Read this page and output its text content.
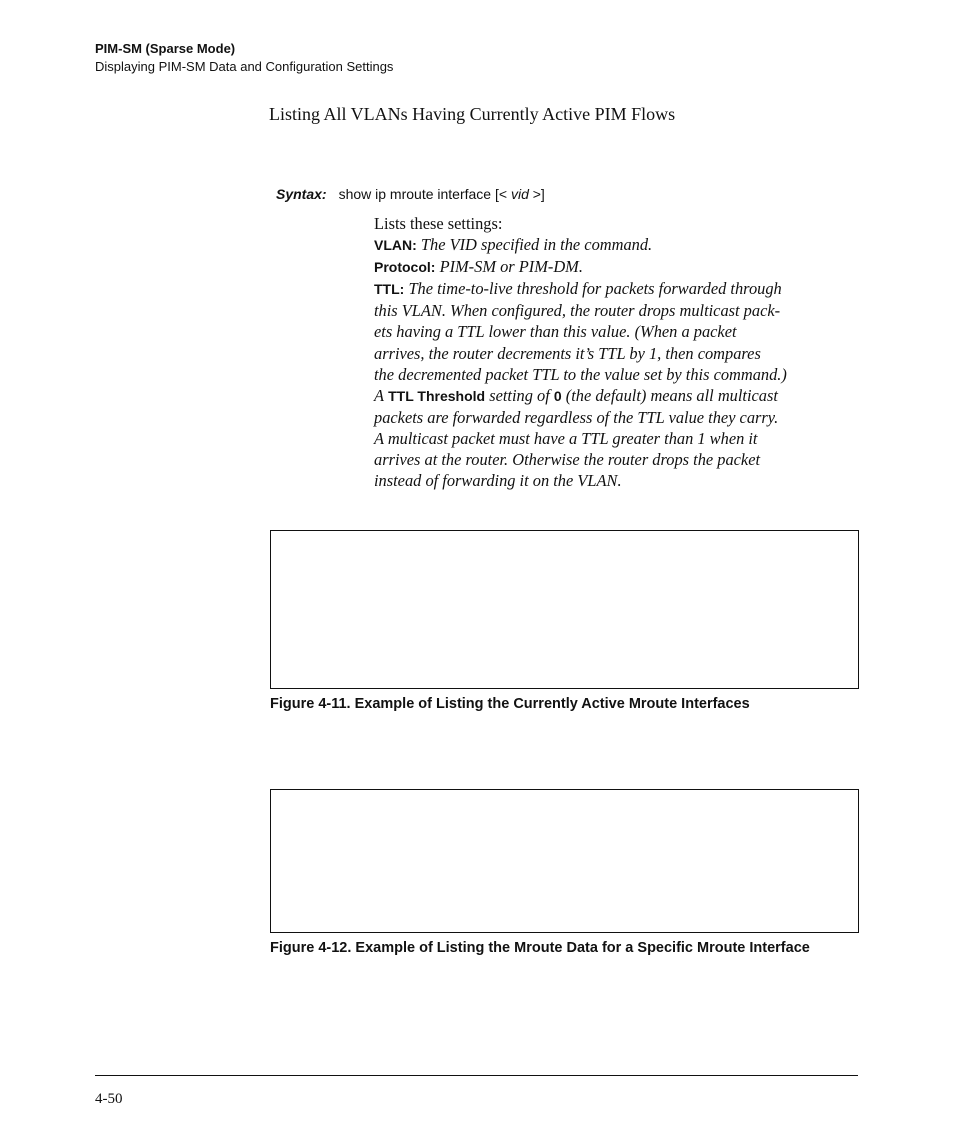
PIM-SM (Sparse Mode)
Displaying PIM-SM Data and Configuration Settings
Listing All VLANs Having Currently Active PIM Flows
Syntax: show ip mroute interface [< vid >]
Lists these settings:
VLAN: The VID specified in the command.
Protocol: PIM-SM or PIM-DM.
TTL: The time-to-live threshold for packets forwarded through
this VLAN. When configured, the router drops multicast pack-
ets having a TTL lower than this value. (When a packet
arrives, the router decrements it’s TTL by 1, then compares
the decremented packet TTL to the value set by this command.)
A TTL Threshold setting of 0 (the default) means all multicast
packets are forwarded regardless of the TTL value they carry.
A multicast packet must have a TTL greater than 1 when it
arrives at the router. Otherwise the router drops the packet
instead of forwarding it on the VLAN.
Figure 4-11. Example of Listing the Currently Active Mroute Interfaces
Figure 4-12. Example of Listing the Mroute Data for a Specific Mroute Interface
4-50
